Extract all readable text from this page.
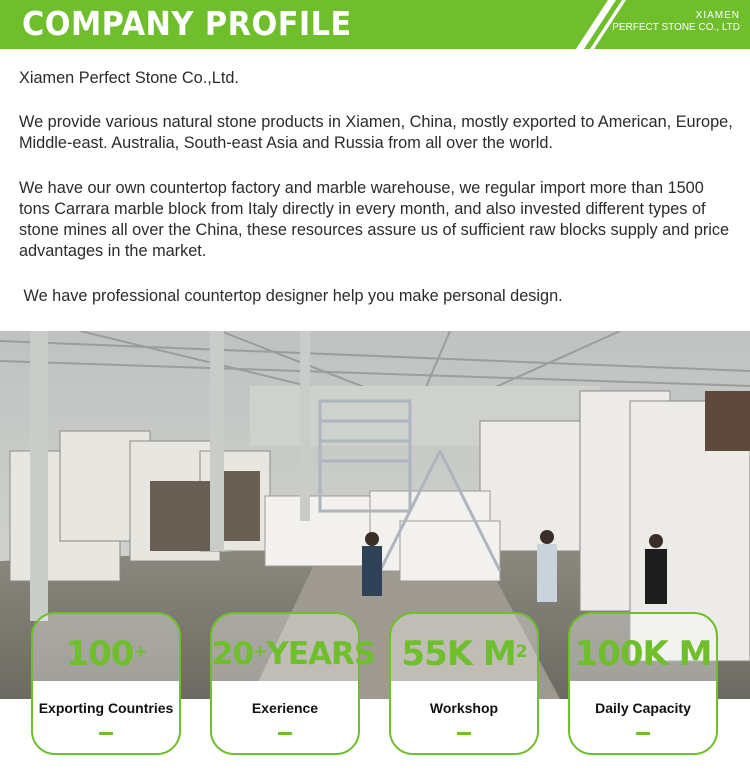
COMPANY PROFILE	XIAMEN
PERFECT STONE CO., LTD
Xiamen Perfect Stone Co.,Ltd.
We provide various natural stone products in Xiamen, China, mostly exported to American, Europe, Middle-east. Australia, South-east Asia and Russia from all over the world.
We have our own countertop factory and marble warehouse, we regular import more than 1500 tons Carrara marble block from Italy directly in every month, and also invested different types of stone mines all over the China, these resources assure us of sufficient raw blocks supply and price advantages in the market.
We have professional countertop designer help you make personal design.
100+
Exporting Countries
20+YEARS
Exerience
55K $M^2$
Workshop
100K M
Daily Capacity
